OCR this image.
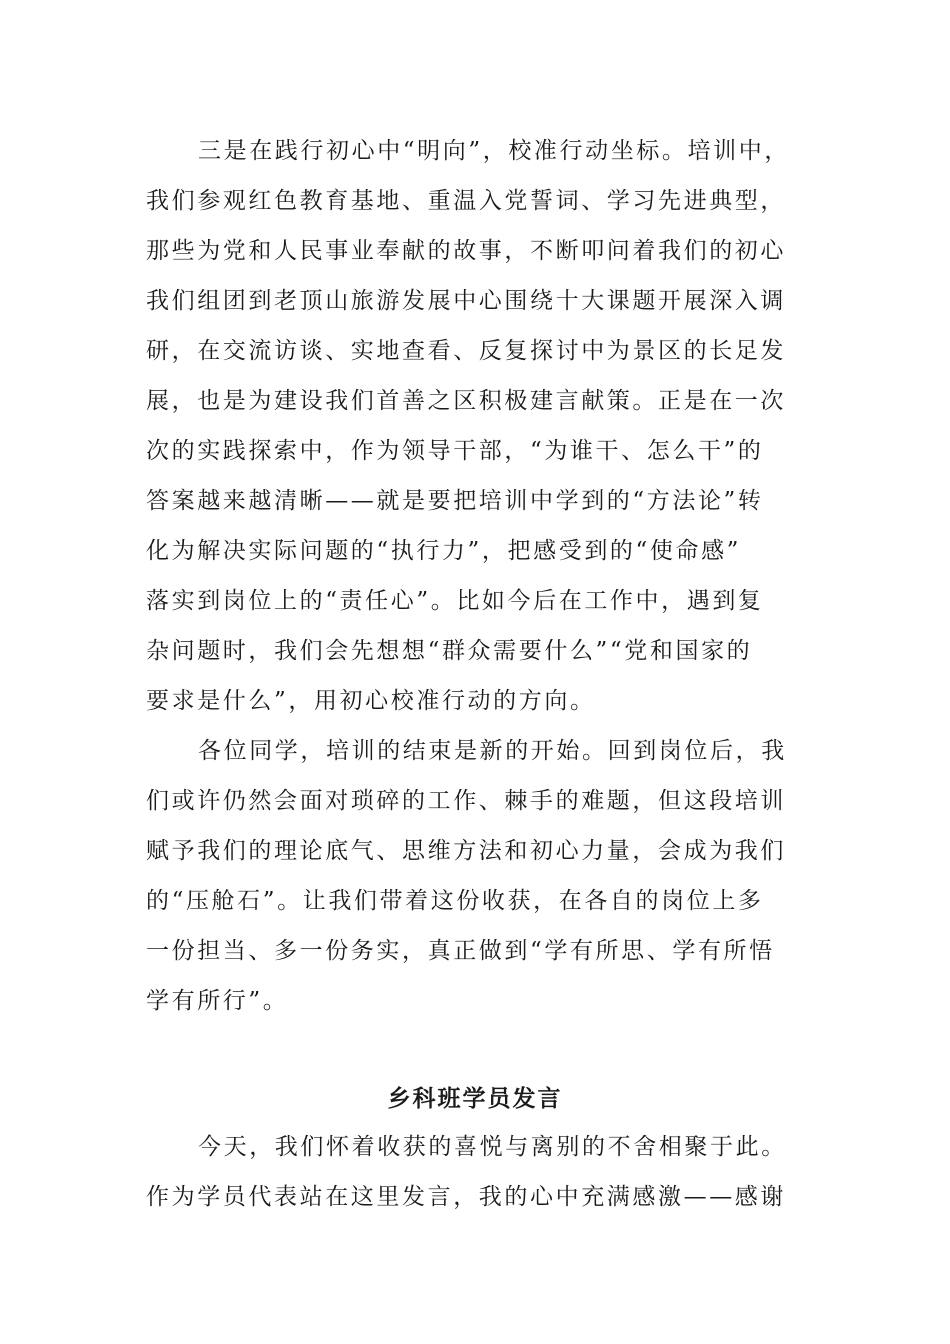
三是在践行初心中“明向”，校准行动坐标。培训中，
我们参观红色教育基地、重温入党誓词、学习先进典型，
那些为党和人民事业奉献的故事，不断叩问着我们的初心
我们组团到老顶山旅游发展中心围绕十大课题开展深入调
研，在交流访谈、实地查看、反复探讨中为景区的长足发
展，也是为建设我们首善之区积极建言献策。正是在一次
次的实践探索中，作为领导干部，“为谁干、怎么干”的
答案越来越清晰——就是要把培训中学到的“方法论”转
化为解决实际问题的“执行力”，把感受到的“使命感”
落实到岗位上的“责任心”。比如今后在工作中，遇到复
杂问题时，我们会先想想“群众需要什么”“党和国家的
要求是什么”，用初心校准行动的方向。
各位同学，培训的结束是新的开始。回到岗位后，我
们或许仍然会面对琐碎的工作、棘手的难题，但这段培训
赋予我们的理论底气、思维方法和初心力量，会成为我们
的“压舱石”。让我们带着这份收获，在各自的岗位上多
一份担当、多一份务实，真正做到“学有所思、学有所悟
学有所行”。
乡科班学员发言
今天，我们怀着收获的喜悦与离别的不舍相聚于此。
作为学员代表站在这里发言，我的心中充满感激——感谢
